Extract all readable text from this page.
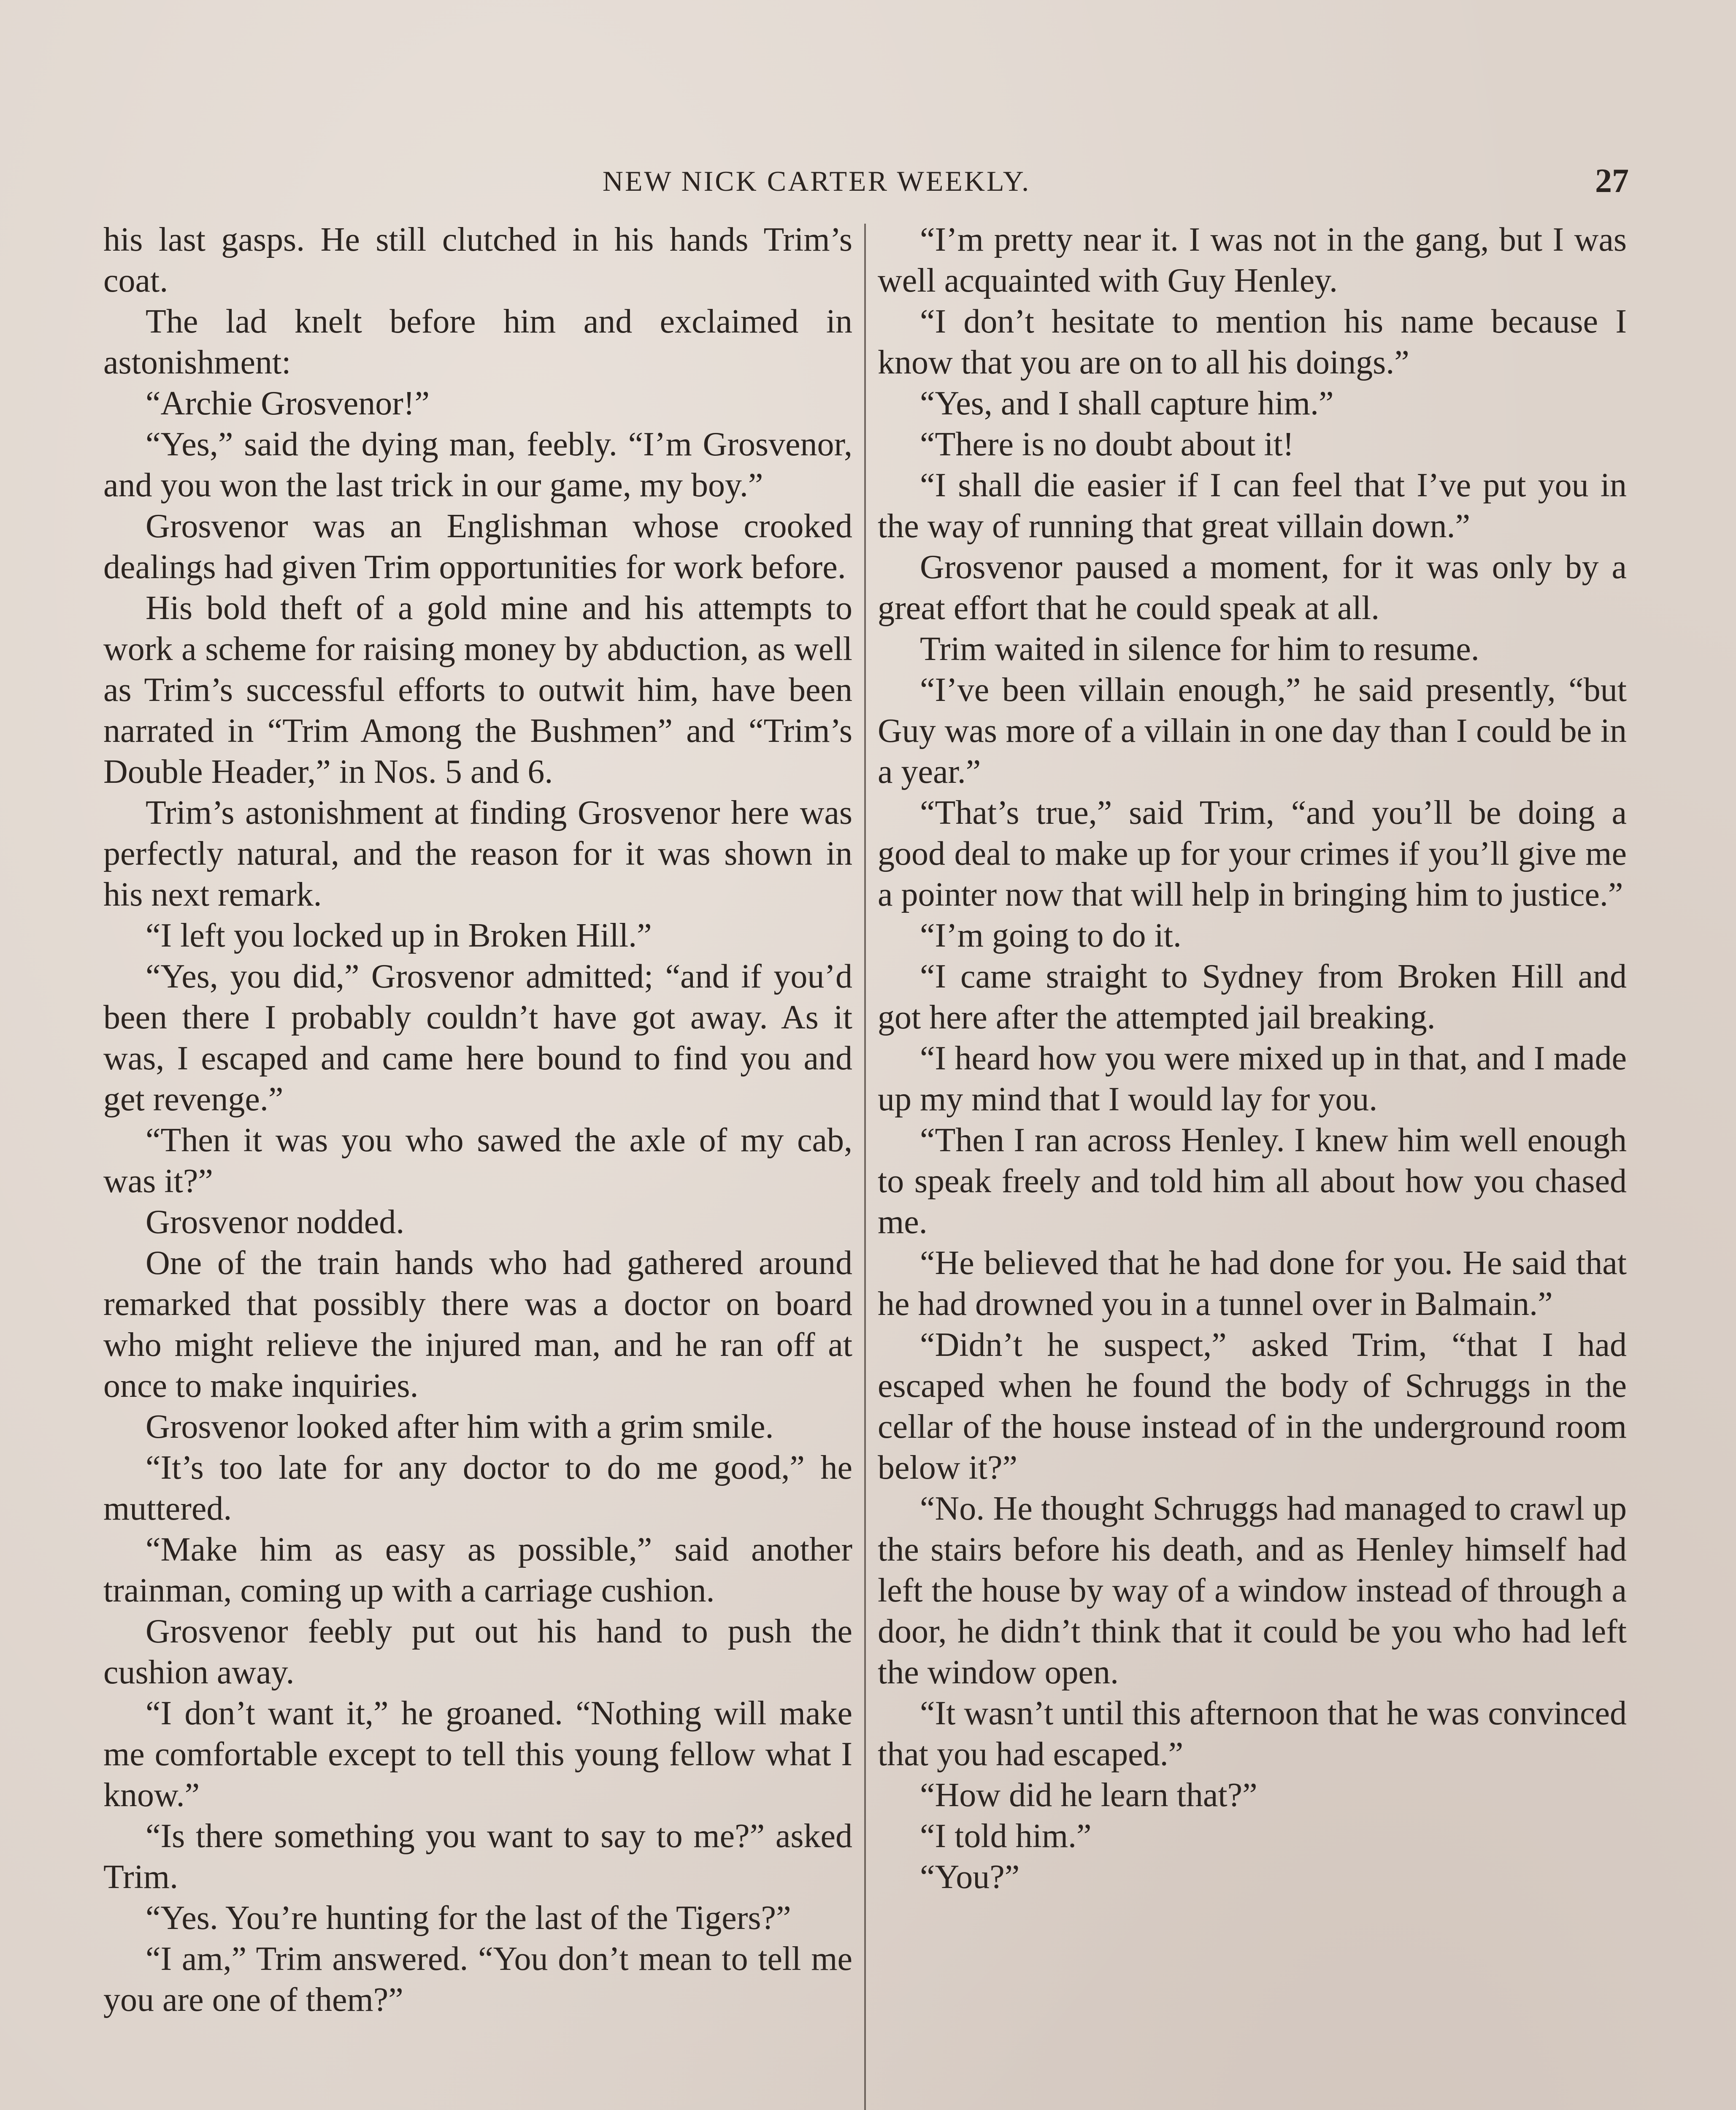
NEW NICK CARTER WEEKLY.	27

his last gasps. He still clutched in his hands Trim’s coat.

The lad knelt before him and exclaimed in astonishment:

“Archie Grosvenor!”

“Yes,” said the dying man, feebly. “I’m Grosvenor, and you won the last trick in our game, my boy.”

Grosvenor was an Englishman whose crooked dealings had given Trim opportunities for work before.

His bold theft of a gold mine and his attempts to work a scheme for raising money by abduction, as well as Trim’s successful efforts to outwit him, have been narrated in “Trim Among the Bushmen” and “Trim’s Double Header,” in Nos. 5 and 6.

Trim’s astonishment at finding Grosvenor here was perfectly natural, and the reason for it was shown in his next remark.

“I left you locked up in Broken Hill.”

“Yes, you did,” Grosvenor admitted; “and if you’d been there I probably couldn’t have got away. As it was, I escaped and came here bound to find you and get revenge.”

“Then it was you who sawed the axle of my cab, was it?”

Grosvenor nodded.

One of the train hands who had gathered around remarked that possibly there was a doctor on board who might relieve the injured man, and he ran off at once to make inquiries.

Grosvenor looked after him with a grim smile.

“It’s too late for any doctor to do me good,” he muttered.

“Make him as easy as possible,” said another trainman, coming up with a carriage cushion.

Grosvenor feebly put out his hand to push the cushion away.

“I don’t want it,” he groaned. “Nothing will make me comfortable except to tell this young fellow what I know.”

“Is there something you want to say to me?” asked Trim.

“Yes. You’re hunting for the last of the Tigers?”

“I am,” Trim answered. “You don’t mean to tell me you are one of them?”

“I’m pretty near it. I was not in the gang, but I was well acquainted with Guy Henley.

“I don’t hesitate to mention his name because I know that you are on to all his doings.”

“Yes, and I shall capture him.”

“There is no doubt about it!

“I shall die easier if I can feel that I’ve put you in the way of running that great villain down.”

Grosvenor paused a moment, for it was only by a great effort that he could speak at all.

Trim waited in silence for him to resume.

“I’ve been villain enough,” he said presently, “but Guy was more of a villain in one day than I could be in a year.”

“That’s true,” said Trim, “and you’ll be doing a good deal to make up for your crimes if you’ll give me a pointer now that will help in bringing him to justice.”

“I’m going to do it.

“I came straight to Sydney from Broken Hill and got here after the attempted jail breaking.

“I heard how you were mixed up in that, and I made up my mind that I would lay for you.

“Then I ran across Henley. I knew him well enough to speak freely and told him all about how you chased me.

“He believed that he had done for you. He said that he had drowned you in a tunnel over in Balmain.”

“Didn’t he suspect,” asked Trim, “that I had escaped when he found the body of Schruggs in the cellar of the house instead of in the underground room below it?”

“No. He thought Schruggs had managed to crawl up the stairs before his death, and as Henley himself had left the house by way of a window instead of through a door, he didn’t think that it could be you who had left the window open.

“It wasn’t until this afternoon that he was convinced that you had escaped.”

“How did he learn that?”

“I told him.”

“You?”
